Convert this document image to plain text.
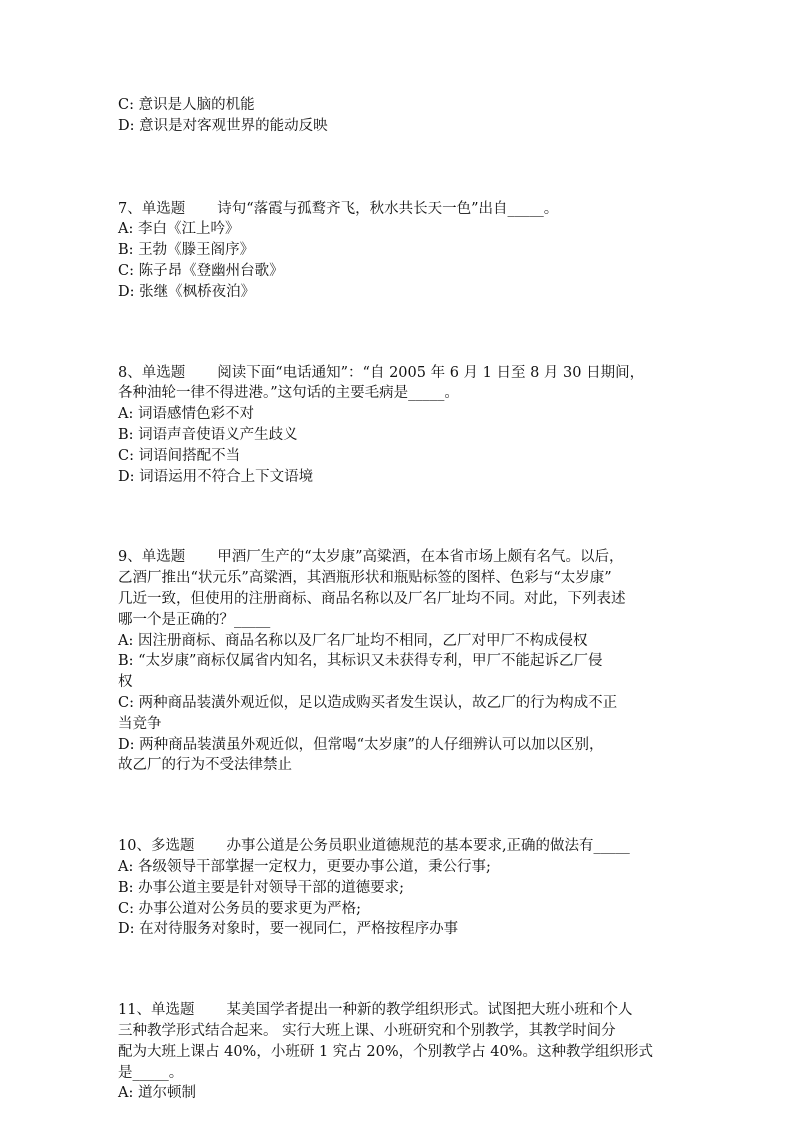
C: 意识是人脑的机能
D: 意识是对客观世界的能动反映
7、单选题 诗句“落霞与孤鹜齐飞，秋水共长天一色”出自_____。
A: 李白《江上吟》
B: 王勃《滕王阁序》
C: 陈子昂《登幽州台歌》
D: 张继《枫桥夜泊》
8、单选题 阅读下面“电话通知”：“自 2005 年 6 月 1 日至 8 月 30 日期间，
各种油轮一律不得进港。”这句话的主要毛病是_____。
A: 词语感情色彩不对
B: 词语声音使语义产生歧义
C: 词语间搭配不当
D: 词语运用不符合上下文语境
9、单选题 甲酒厂生产的“太岁康”高粱酒，在本省市场上颇有名气。以后，
乙酒厂推出“状元乐”高粱酒，其酒瓶形状和瓶贴标签的图样、色彩与“太岁康”
几近一致，但使用的注册商标、商品名称以及厂名厂址均不同。对此，下列表述
哪一个是正确的？_____
A: 因注册商标、商品名称以及厂名厂址均不相同，乙厂对甲厂不构成侵权
B: “太岁康”商标仅属省内知名，其标识又未获得专利，甲厂不能起诉乙厂侵
权
C: 两种商品装潢外观近似，足以造成购买者发生误认，故乙厂的行为构成不正
当竞争
D: 两种商品装潢虽外观近似，但常喝“太岁康”的人仔细辨认可以加以区别，
故乙厂的行为不受法律禁止
10、多选题 办事公道是公务员职业道德规范的基本要求,正确的做法有_____
A: 各级领导干部掌握一定权力，更要办事公道，秉公行事;
B: 办事公道主要是针对领导干部的道德要求;
C: 办事公道对公务员的要求更为严格;
D: 在对待服务对象时，要一视同仁，严格按程序办事
11、单选题 某美国学者提出一种新的教学组织形式。试图把大班小班和个人
三种教学形式结合起来。 实行大班上课、小班研究和个别教学，其教学时间分
配为大班上课占 40%，小班研 1 究占 20%，个别教学占 40%。这种教学组织形式
是_____。
A: 道尔顿制
